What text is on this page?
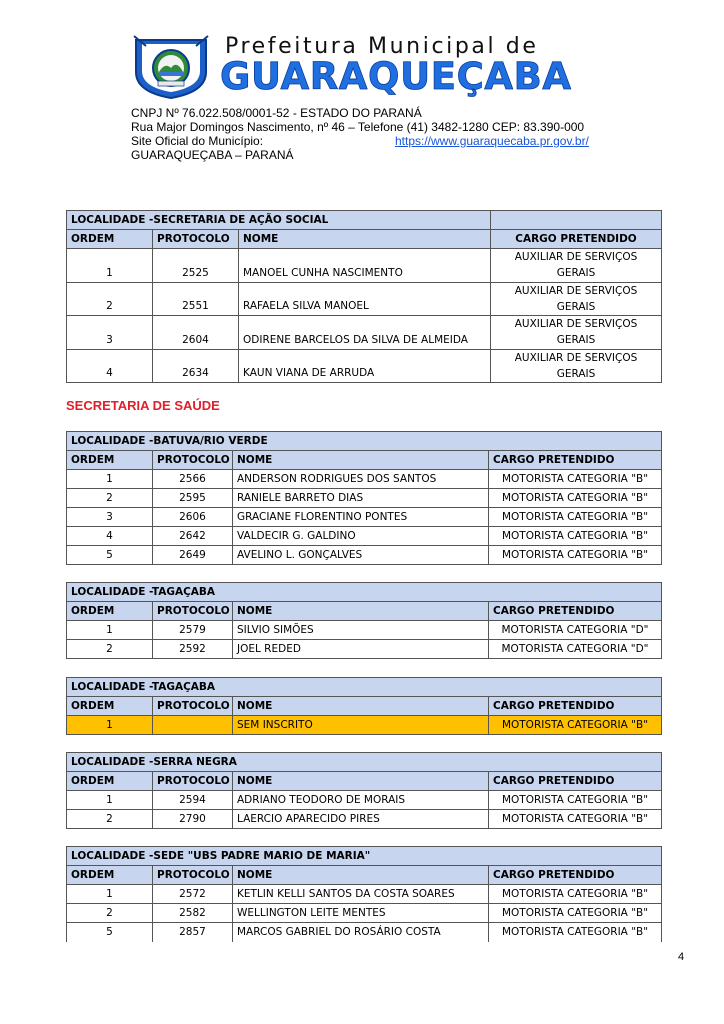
Prefeitura Municipal de
GUARAQUEÇABA
CNPJ Nº 76.022.508/0001-52 - ESTADO DO PARANÁ
Rua Major Domingos Nascimento, nº 46 – Telefone (41) 3482-1280 CEP: 83.390-000
Site Oficial do Município:	https://www.guaraquecaba.pr.gov.br/
GUARAQUEÇABA – PARANÁ
LOCALIDADE -SECRETARIA DE AÇÃO SOCIAL			
ORDEM	PROTOCOLO	NOME	CARGO PRETENDIDO
1	2525	MANOEL CUNHA NASCIMENTO	AUXILIAR DE SERVIÇOS GERAIS
2	2551	RAFAELA SILVA MANOEL	AUXILIAR DE SERVIÇOS GERAIS
3	2604	ODIRENE BARCELOS DA SILVA DE ALMEIDA	AUXILIAR DE SERVIÇOS GERAIS
4	2634	KAUN VIANA DE ARRUDA	AUXILIAR DE SERVIÇOS GERAIS
SECRETARIA DE SAÚDE
LOCALIDADE -BATUVA/RIO VERDE			
ORDEM	PROTOCOLO	NOME	CARGO PRETENDIDO
1	2566	ANDERSON RODRIGUES DOS SANTOS	MOTORISTA CATEGORIA "B"
2	2595	RANIELE BARRETO DIAS	MOTORISTA CATEGORIA "B"
3	2606	GRACIANE FLORENTINO PONTES	MOTORISTA CATEGORIA "B"
4	2642	VALDECIR G. GALDINO	MOTORISTA CATEGORIA "B"
5	2649	AVELINO L. GONÇALVES	MOTORISTA CATEGORIA "B"
LOCALIDADE -TAGAÇABA			
ORDEM	PROTOCOLO	NOME	CARGO PRETENDIDO
1	2579	SILVIO SIMÕES	MOTORISTA CATEGORIA "D"
2	2592	JOEL REDED	MOTORISTA CATEGORIA "D"
LOCALIDADE -TAGAÇABA			
ORDEM	PROTOCOLO	NOME	CARGO PRETENDIDO
1		SEM INSCRITO	MOTORISTA CATEGORIA "B"
LOCALIDADE -SERRA NEGRA			
ORDEM	PROTOCOLO	NOME	CARGO PRETENDIDO
1	2594	ADRIANO TEODORO DE MORAIS	MOTORISTA CATEGORIA "B"
2	2790	LAERCIO APARECIDO PIRES	MOTORISTA CATEGORIA "B"
LOCALIDADE -SEDE "UBS PADRE MARIO DE MARIA"			
ORDEM	PROTOCOLO	NOME	CARGO PRETENDIDO
1	2572	KETLIN KELLI SANTOS DA COSTA SOARES	MOTORISTA CATEGORIA "B"
2	2582	WELLINGTON LEITE MENTES	MOTORISTA CATEGORIA "B"
5	2857	MARCOS GABRIEL DO ROSÁRIO COSTA	MOTORISTA CATEGORIA "B"
4
